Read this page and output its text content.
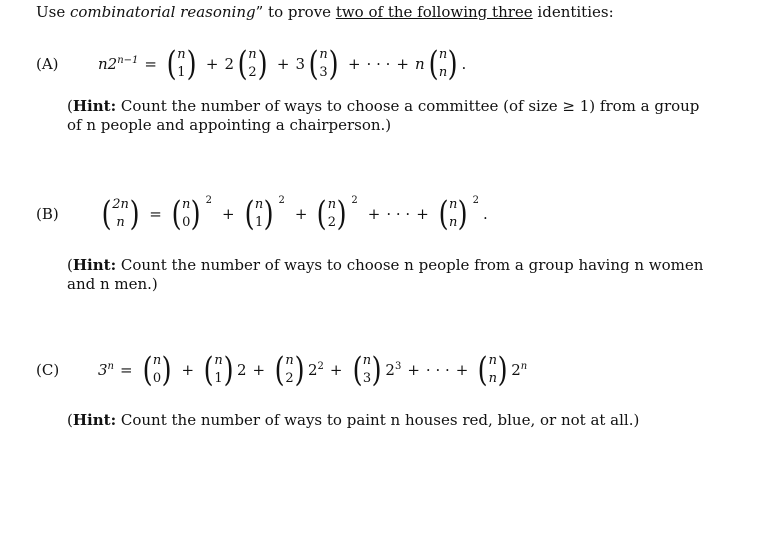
Use combinatorial reasoning” to prove two of the following three identities:
(A)	$n2^{n-1}$ = ( n
1 ) + 2 ( n
2 ) + 3 ( n
3 ) + · · · + n ( n
n ) .
(Hint: Count the number of ways to choose a committee (of size ≥ 1) from a group of n people and appointing a chairperson.)
(B) ( 2n
n ) = ( n
0 ) 2
+ ( n
1 ) 2
+ ( n
2 ) 2
+ · · · + ( n
n ) 2
.
(Hint: Count the number of ways to choose n people from a group having n women and n men.)
(C)	$3^n$ = ( n
0 ) + ( n
1 ) 2 + ( n
2 ) $2^2$ + ( n
3 ) $2^3$ + · · · + ( n
n ) 2$^n$
(Hint: Count the number of ways to paint n houses red, blue, or not at all.)
